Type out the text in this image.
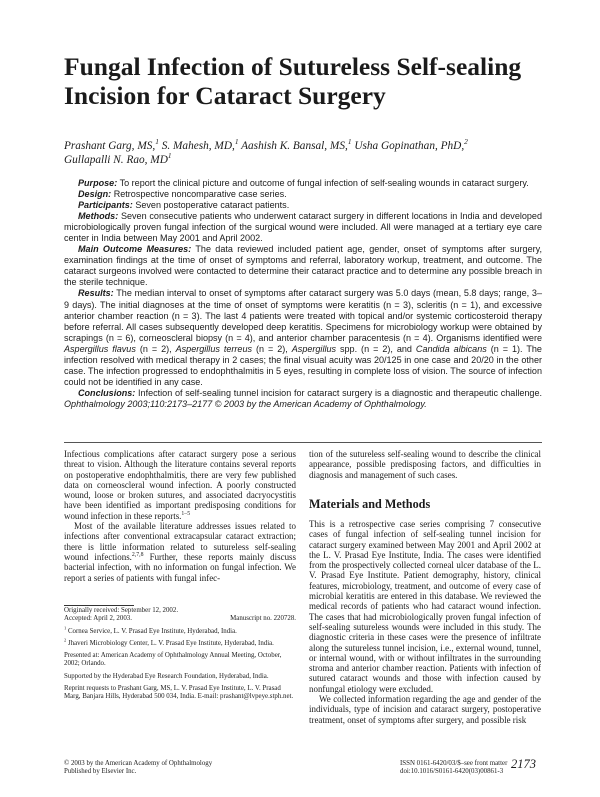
Fungal Infection of Sutureless Self-sealing Incision for Cataract Surgery
Prashant Garg, MS,$^1$ S. Mahesh, MD,$^1$ Aashish K. Bansal, MS,$^1$ Usha Gopinathan, PhD,$^2$
Gullapalli N. Rao, $MD^1$

Purpose: To report the clinical picture and outcome of fungal infection of self-sealing wounds in cataract surgery.

Design: Retrospective noncomparative case series.

Participants: Seven postoperative cataract patients.

Methods: Seven consecutive patients who underwent cataract surgery in different locations in India and developed microbiologically proven fungal infection of the surgical wound were included. All were managed at a tertiary eye care center in India between May 2001 and April 2002.

Main Outcome Measures: The data reviewed included patient age, gender, onset of symptoms after surgery, examination findings at the time of onset of symptoms and referral, laboratory workup, treatment, and outcome. The cataract surgeons involved were contacted to determine their cataract practice and to determine any possible breach in the sterile technique.

Results: The median interval to onset of symptoms after cataract surgery was 5.0 days (mean, 5.8 days; range, 3–9 days). The initial diagnoses at the time of onset of symptoms were keratitis (n = 3), scleritis (n = 1), and excessive anterior chamber reaction (n = 3). The last 4 patients were treated with topical and/or systemic corticosteroid therapy before referral. All cases subsequently developed deep keratitis. Specimens for microbiology workup were obtained by scrapings (n = 6), corneoscleral biopsy (n = 4), and anterior chamber paracentesis (n = 4). Organisms identified were Aspergillus flavus (n = 2), Aspergillus terreus (n = 2), Aspergillus spp. (n = 2), and Candida albicans (n = 1). The infection resolved with medical therapy in 2 cases; the final visual acuity was 20/125 in one case and 20/20 in the other case. The infection progressed to endophthalmitis in 5 eyes, resulting in complete loss of vision. The source of infection could not be identified in any case.

Conclusions: Infection of self-sealing tunnel incision for cataract surgery is a diagnostic and therapeutic challenge. Ophthalmology 2003;110:2173–2177 © 2003 by the American Academy of Ophthalmology.

Infectious complications after cataract surgery pose a serious threat to vision. Although the literature contains several reports on postoperative endophthalmitis, there are very few published data on corneoscleral wound infection. A poorly constructed wound, loose or broken sutures, and associated dacryocystitis have been identified as important predisposing conditions for wound infection in these reports.$^{1-5}$

Most of the available literature addresses issues related to infections after conventional extracapsular cataract extraction; there is little information related to sutureless self-sealing wound infections.$^{2,7,8}$ Further, these reports mainly discuss bacterial infection, with no information on fungal infection. We report a series of patients with fungal infec-

tion of the sutureless self-sealing wound to describe the clinical appearance, possible predisposing factors, and difficulties in diagnosis and management of such cases.

Materials and Methods

This is a retrospective case series comprising 7 consecutive cases of fungal infection of self-sealing tunnel incision for cataract surgery examined between May 2001 and April 2002 at the L. V. Prasad Eye Institute, India. The cases were identified from the prospectively collected corneal ulcer database of the L. V. Prasad Eye Institute. Patient demography, history, clinical features, microbiology, treatment, and outcome of every case of microbial keratitis are entered in this database. We reviewed the medical records of patients who had cataract wound infection. The cases that had microbiologically proven fungal infection of self-sealing sutureless wounds were included in this study. The diagnostic criteria in these cases were the presence of infiltrate along the sutureless tunnel incision, i.e., external wound, tunnel, or internal wound, with or without infiltrates in the surrounding stroma and anterior chamber reaction. Patients with infection of sutured cataract wounds and those with infection caused by nonfungal etiology were excluded.

We collected information regarding the age and gender of the individuals, type of incision and cataract surgery, postoperative treatment, onset of symptoms after surgery, and possible risk

Originally received: September 12, 2002.

Accepted: April 2, 2003.	Manuscript no. 220728.

$^1$ Cornea Service, L. V. Prasad Eye Institute, Hyderabad, India.

$^2$ Jhaveri Microbiology Center, L. V. Prasad Eye Institute, Hyderabad, India.

Presented at: American Academy of Ophthalmology Annual Meeting, October, 2002; Orlando.

Supported by the Hyderabad Eye Research Foundation, Hyderabad, India.

Reprint requests to Prashant Garg, MS, L. V. Prasad Eye Institute, L. V. Prasad Marg, Banjara Hills, Hyderabad 500 034, India. E-mail: prashant@lvpeye.stph.net.

© 2003 by the American Academy of Ophthalmology
Published by Elsevier Inc.
ISSN 0161-6420/03/$–see front matter
doi:10.1016/S0161-6420(03)00861-3
2173
